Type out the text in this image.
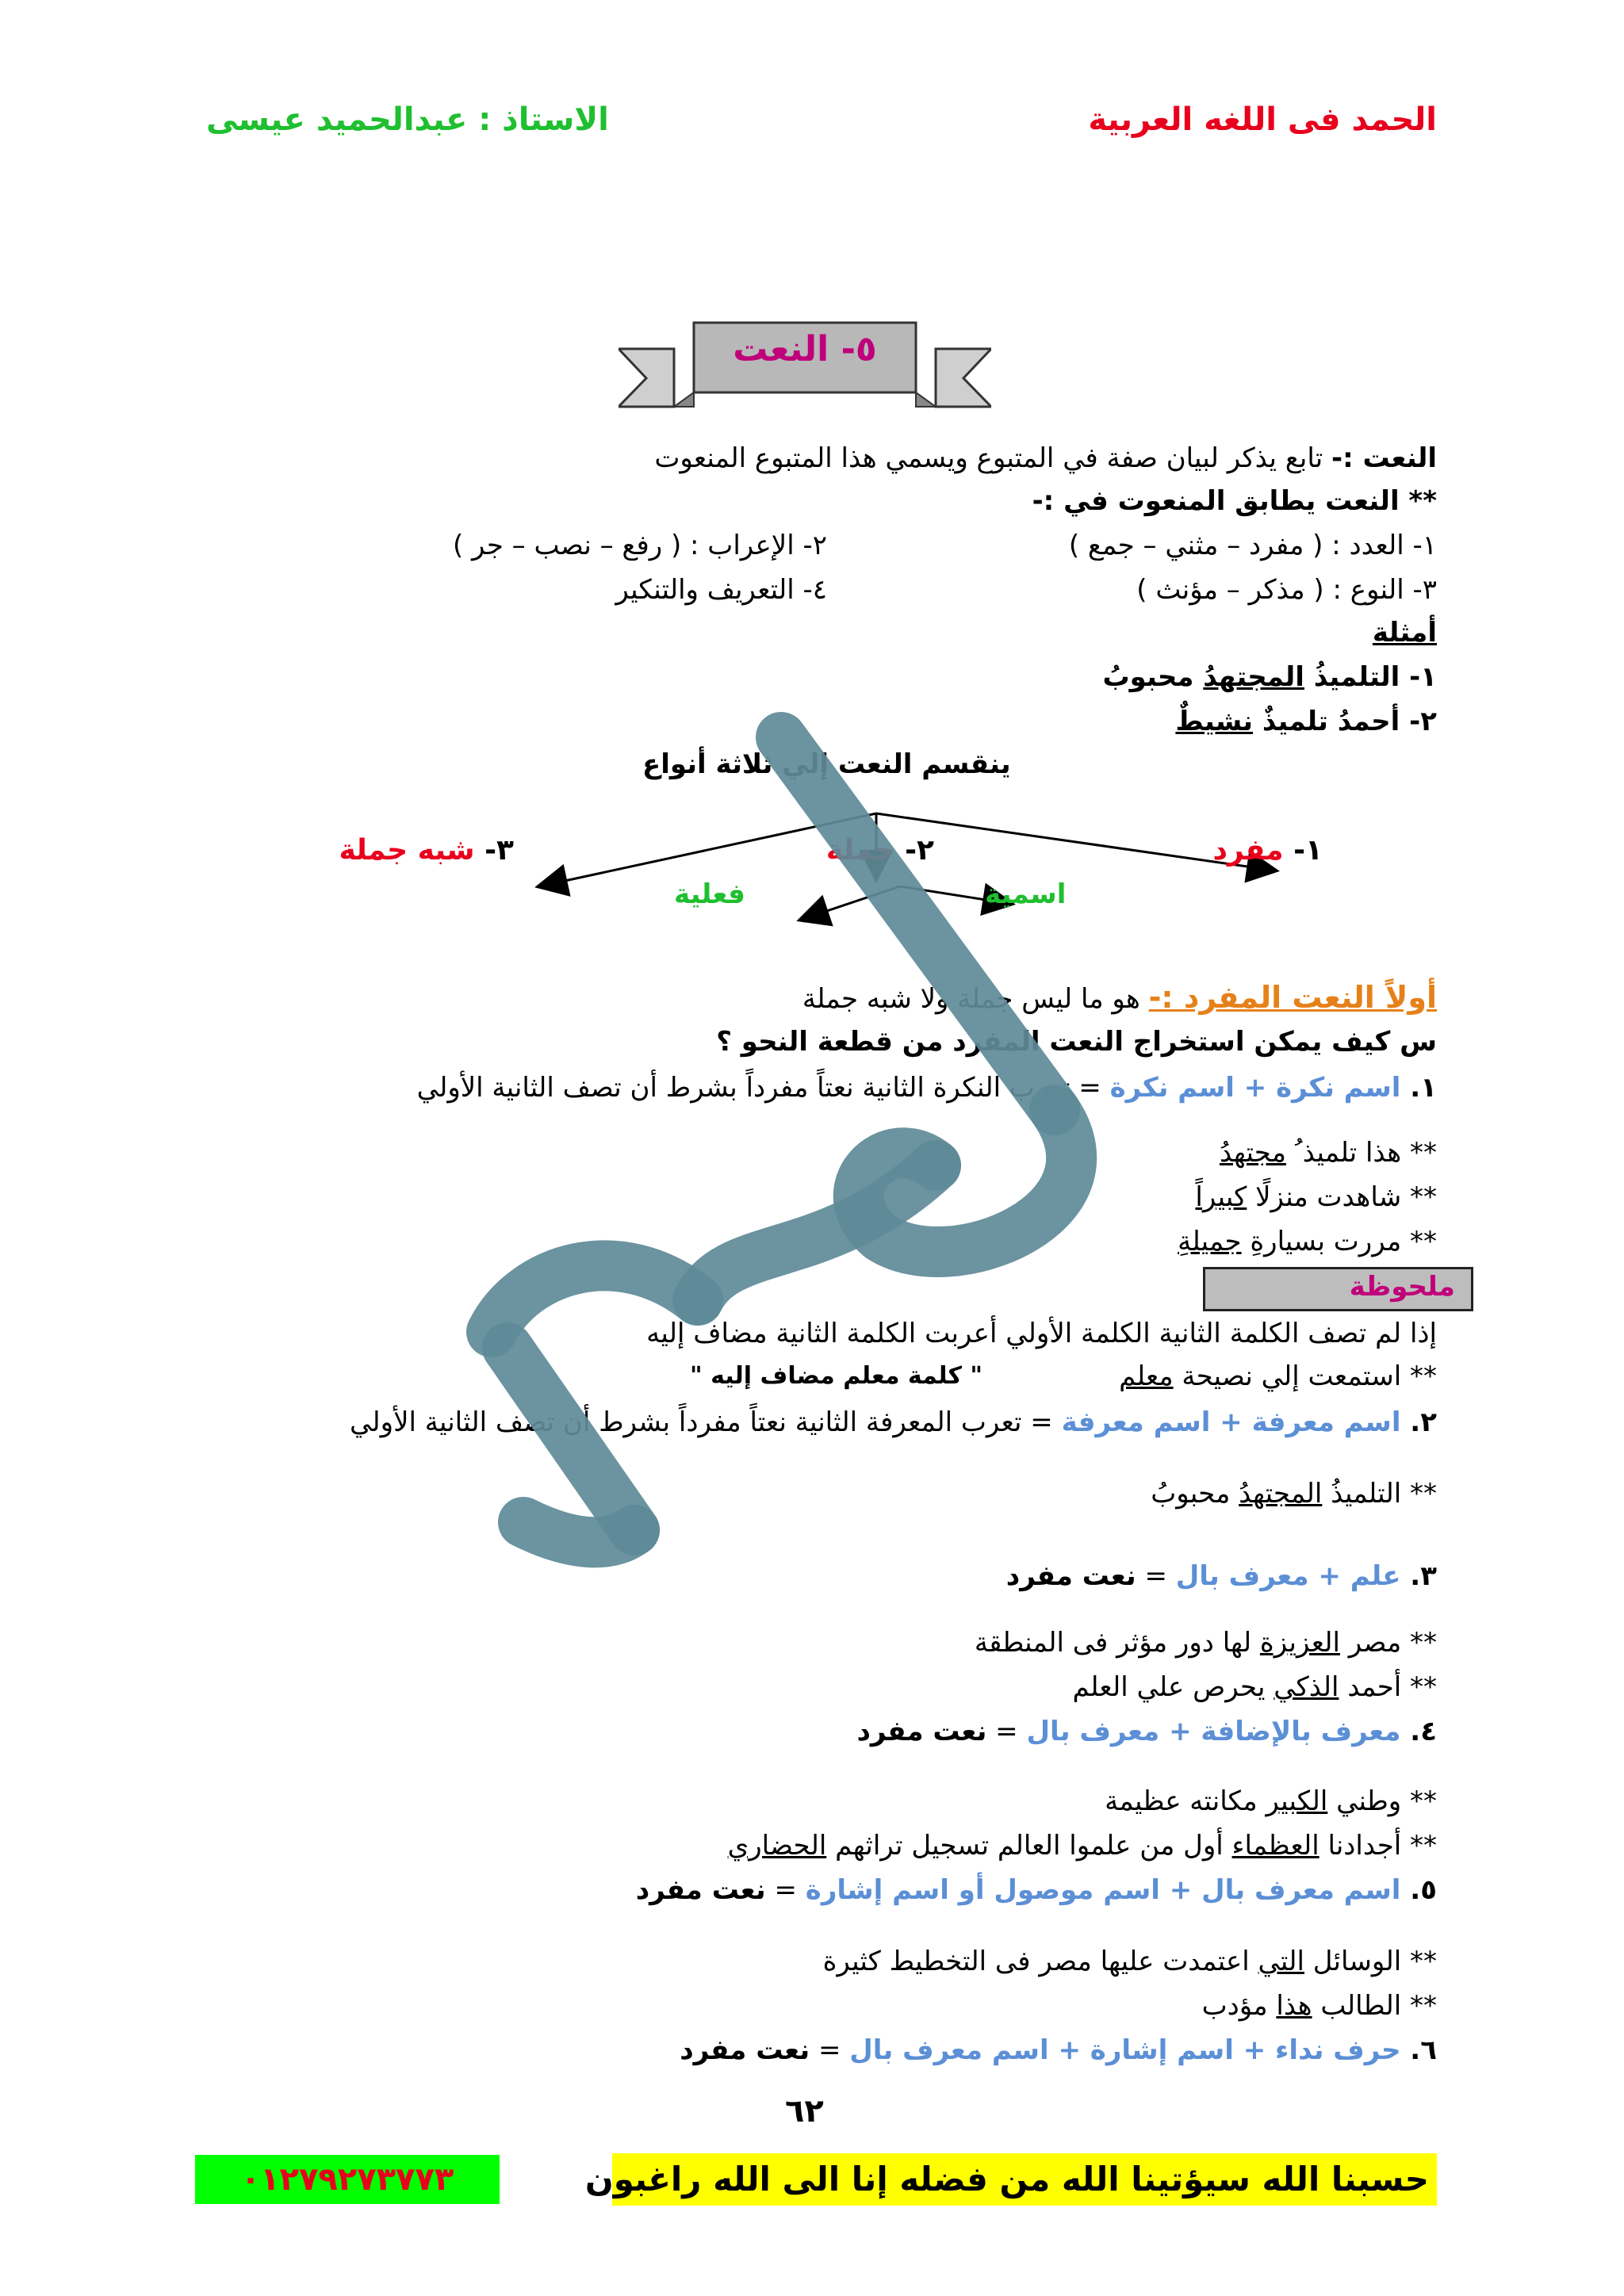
الحمد فى اللغه العربية
الاستاذ : عبدالحميد عيسى
٥- النعت
النعت :- تابع يذكر لبيان صفة في المتبوع ويسمي هذا المتبوع المنعوت
** النعت يطابق المنعوت في :-
١- العدد : ( مفرد – مثني – جمع )
٢- الإعراب : ( رفع – نصب – جر )
٣- النوع : ( مذكر – مؤنث )
٤- التعريف والتنكير
أمثلة
١- التلميذُ المجتهدُ محبوبُ
٢- أحمدُ تلميذٌ نشيطٌ
ينقسم النعت إلي ثلاثة أنواع
١- مفرد
٢- جملة
٣- شبه جملة
اسمية
فعلية
أولاً النعت المفرد :- هو ما ليس جملة ولا شبه جملة
س كيف يمكن استخراج النعت المفرد من قطعة النحو ؟
١. اسم نكرة + اسم نكرة = تعرب النكرة الثانية نعتاً مفرداً بشرط أن تصف الثانية الأولي
** هذا تلميذ ُ مجتهدُ
** شاهدت منزلًا كبيراً
** مررت بسيارةِ جميلةِ
ملحوظة
إذا لم تصف الكلمة الثانية الكلمة الأولي أعربت الكلمة الثانية مضاف إليه
** استمعت إلي نصيحة معلم
" كلمة معلم مضاف إليه "
٢. اسم معرفة + اسم معرفة = تعرب المعرفة الثانية نعتاً مفرداً بشرط أن تصف الثانية الأولي
** التلميذُ المجتهدُ محبوبُ
٣. علم + معرف بال = نعت مفرد
** مصر العزيزة لها دور مؤثر فى المنطقة
** أحمد الذكي يحرص علي العلم
٤. معرف بالإضافة + معرف بال = نعت مفرد
** وطني الكبير مكانته عظيمة
** أجدادنا العظماء أول من علموا العالم تسجيل تراثهم الحضاري
٥. اسم معرف بال + اسم موصول أو اسم إشارة = نعت مفرد
** الوسائل التي اعتمدت عليها مصر فى التخطيط كثيرة
** الطالب هذا مؤدب
٦. حرف نداء + اسم إشارة + اسم معرف بال = نعت مفرد
٦٢
٠١٢٧٩٢٧٣٧٧٣	حسبنا الله سيؤتينا الله من فضله إنا الى الله راغبون
